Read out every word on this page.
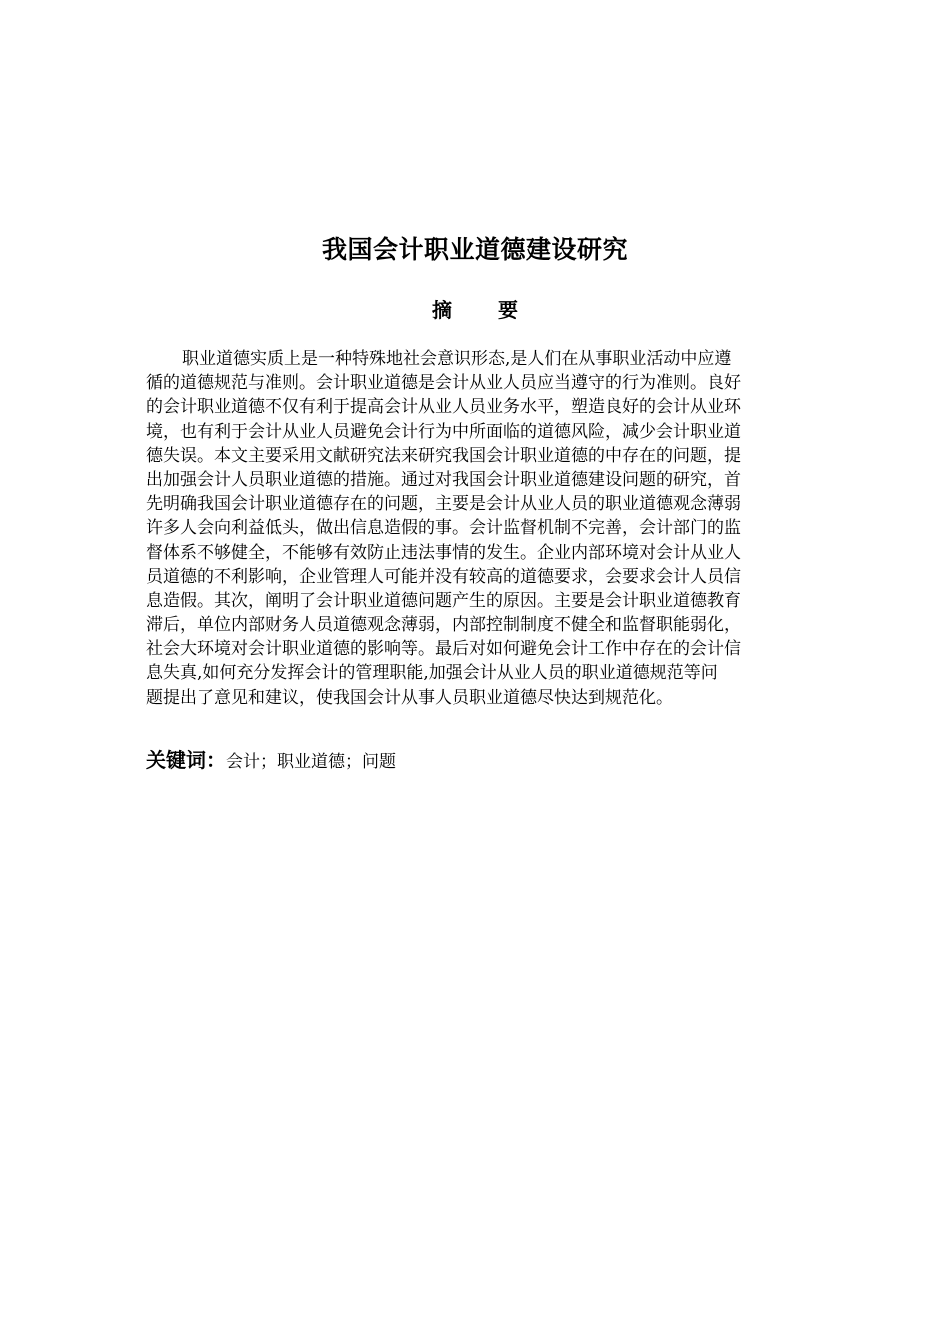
我国会计职业道德建设研究
摘 要
职业道德实质上是一种特殊地社会意识形态,是人们在从事职业活动中应遵
循的道德规范与准则。会计职业道德是会计从业人员应当遵守的行为准则。良好
的会计职业道德不仅有利于提高会计从业人员业务水平，塑造良好的会计从业环
境，也有利于会计从业人员避免会计行为中所面临的道德风险，减少会计职业道
德失误。本文主要采用文献研究法来研究我国会计职业道德的中存在的问题，提
出加强会计人员职业道德的措施。通过对我国会计职业道德建设问题的研究，首
先明确我国会计职业道德存在的问题，主要是会计从业人员的职业道德观念薄弱
许多人会向利益低头，做出信息造假的事。会计监督机制不完善，会计部门的监
督体系不够健全，不能够有效防止违法事情的发生。企业内部环境对会计从业人
员道德的不利影响，企业管理人可能并没有较高的道德要求，会要求会计人员信
息造假。其次，阐明了会计职业道德问题产生的原因。主要是会计职业道德教育
滞后，单位内部财务人员道德观念薄弱，内部控制制度不健全和监督职能弱化，
社会大环境对会计职业道德的影响等。最后对如何避免会计工作中存在的会计信
息失真,如何充分发挥会计的管理职能,加强会计从业人员的职业道德规范等问
题提出了意见和建议，使我国会计从事人员职业道德尽快达到规范化。
关键词：会计；职业道德；问题
